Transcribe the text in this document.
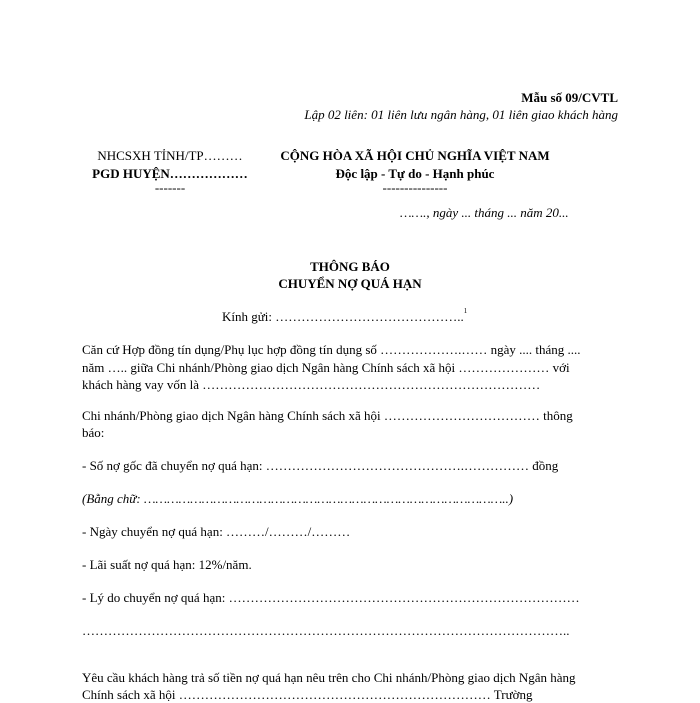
Mẫu số 09/CVTL
Lập 02 liên: 01 liên lưu ngân hàng, 01 liên giao khách hàng
NHCSXH TỈNH/TP………
PGD HUYỆN………………
-------
CỘNG HÒA XÃ HỘI CHỦ NGHĨA VIỆT NAM
Độc lập - Tự do - Hạnh phúc
---------------
……., ngày ... tháng ... năm 20...
THÔNG BÁO
CHUYỂN NỢ QUÁ HẠN
Kính gửi: ……………………………………..$^1$
Căn cứ Hợp đồng tín dụng/Phụ lục hợp đồng tín dụng số ……………….…… ngày .... tháng ....
năm ….. giữa Chi nhánh/Phòng giao dịch Ngân hàng Chính sách xã hội ………………… với
khách hàng vay vốn là ……………………………………………………………………
Chi nhánh/Phòng giao dịch Ngân hàng Chính sách xã hội ……………………………… thông
báo:
- Số nợ gốc đã chuyển nợ quá hạn: ……………………………………….…………… đồng
(Bằng chữ: …………………………………………………………………………………..)
- Ngày chuyển nợ quá hạn: ………/………/………
- Lãi suất nợ quá hạn: 12%/năm.
- Lý do chuyển nợ quá hạn: ………………………………………………………………………
…………………………………………………………………………………………………..
Yêu cầu khách hàng trả số tiền nợ quá hạn nêu trên cho Chi nhánh/Phòng giao dịch Ngân hàng
Chính sách xã hội ……………………………………………………………… Trường
